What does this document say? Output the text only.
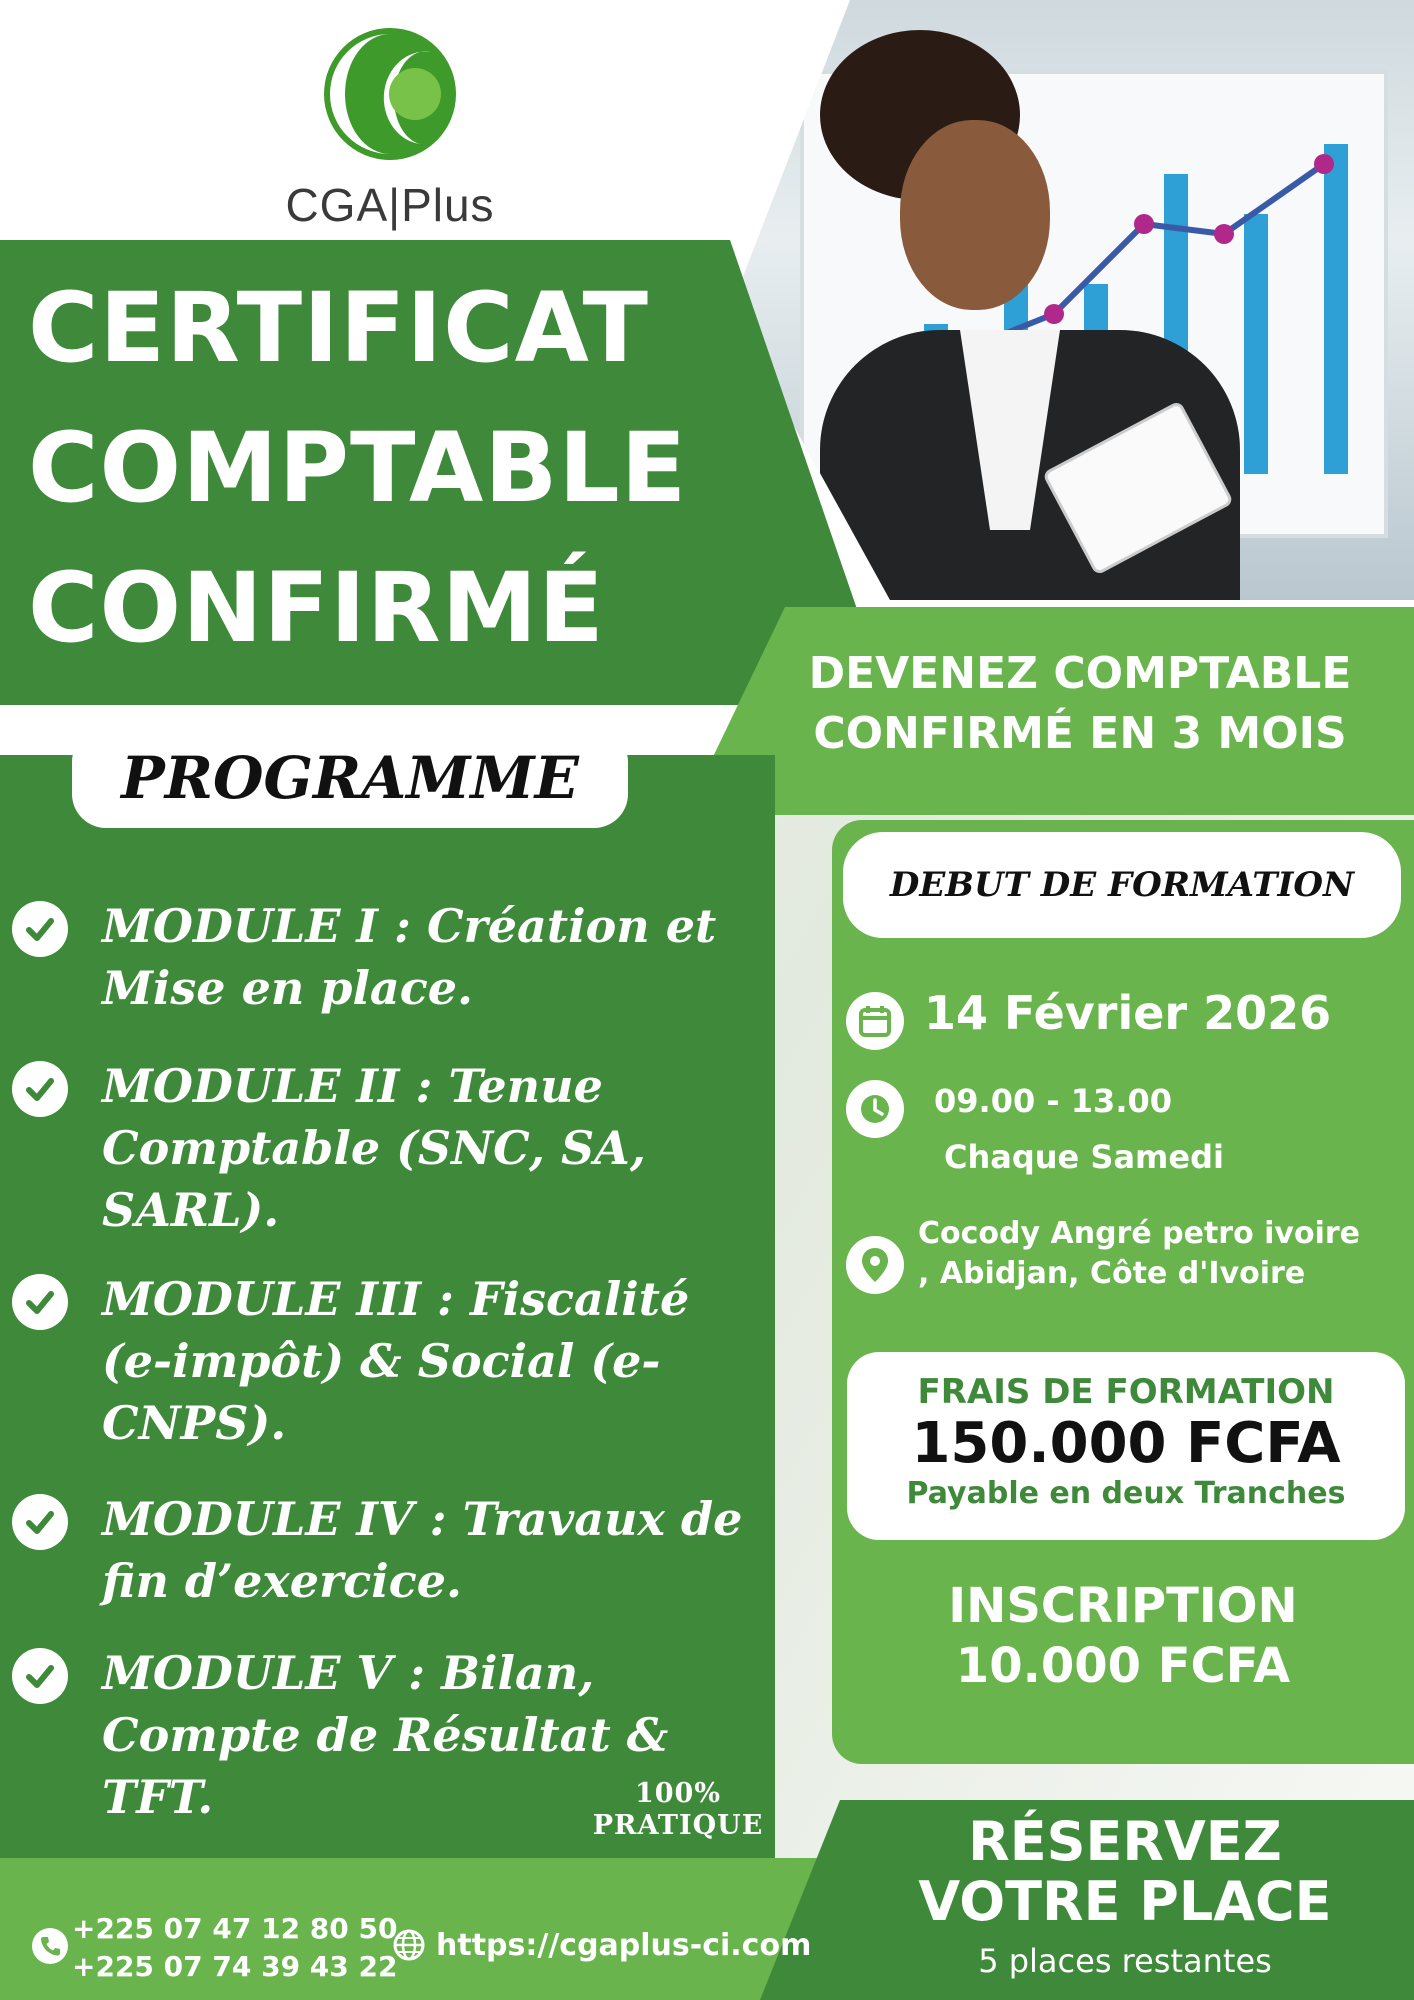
CGA|Plus
CERTIFICAT
COMPTABLE
CONFIRMÉ
DEVENEZ COMPTABLE
CONFIRMÉ EN 3 MOIS
PROGRAMME
MODULE I : Création et Mise en place.
MODULE II : Tenue Comptable (SNC, SA, SARL).
MODULE III : Fiscalité (e-impôt) & Social (e-CNPS).
MODULE IV : Travaux de fin d’exercice.
MODULE V : Bilan, Compte de Résultat & TFT.	100%
PRATIQUE
DEBUT DE FORMATION
14 Février 2026
09.00 - 13.00
Chaque Samedi
Cocody Angré petro ivoire
, Abidjan, Côte d'Ivoire
FRAIS DE FORMATION
150.000 FCFA
Payable en deux Tranches
INSCRIPTION
10.000 FCFA
+225 07 47 12 80 50
+225 07 74 39 43 22
https://cgaplus-ci.com
RÉSERVEZ
VOTRE PLACE
5 places restantes
